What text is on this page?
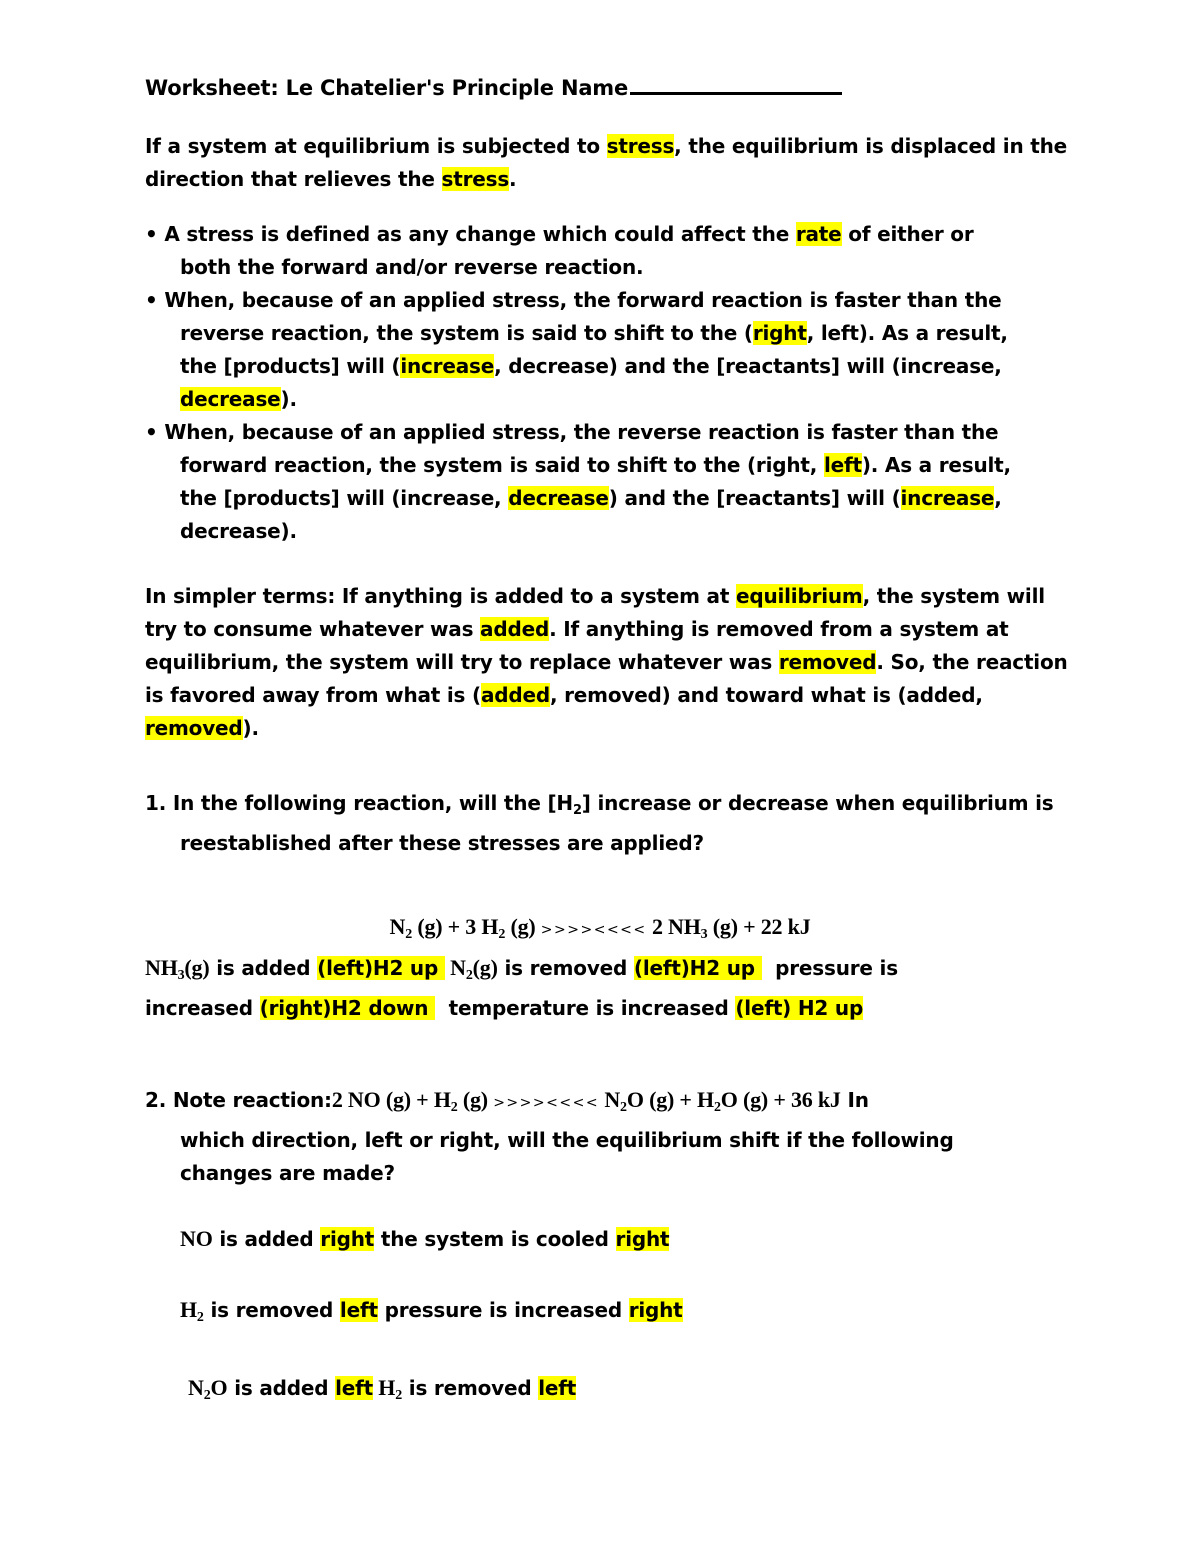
Worksheet: Le Chatelier's Principle Name
If a system at equilibrium is subjected to stress, the equilibrium is displaced in the
direction that relieves the stress.
• A stress is defined as any change which could affect the rate of either or
both the forward and/or reverse reaction.
• When, because of an applied stress, the forward reaction is faster than the
reverse reaction, the system is said to shift to the (right, left). As a result,
the [products] will (increase, decrease) and the [reactants] will (increase,
decrease).
• When, because of an applied stress, the reverse reaction is faster than the
forward reaction, the system is said to shift to the (right, left). As a result,
the [products] will (increase, decrease) and the [reactants] will (increase,
decrease).
In simpler terms: If anything is added to a system at equilibrium, the system will
try to consume whatever was added. If anything is removed from a system at
equilibrium, the system will try to replace whatever was removed. So, the reaction
is favored away from what is (added, removed) and toward what is (added,
removed).
1. In the following reaction, will the $[H_2]$ increase or decrease when equilibrium is
reestablished after these stresses are applied?
$N_2$ (g) + 3 $H_2$ (g) >>>><<<< 2 $NH_3$ (g) + 22 kJ
$NH_3(g)$ is added (left)H2 up  $N_2(g)$ is removed (left)H2 up   pressure is
increased (right)H2 down   temperature is increased (left) H2 up
2. Note reaction:2 NO $(g) + H_2$ (g) >>>><<<< $N_2O$ $(g) + H_2O$ (g) + 36 kJ In
which direction, left or right, will the equilibrium shift if the following
changes are made?
NO is added right the system is cooled right
$H_2$ is removed left pressure is increased right
$N_2O$ is added left $H_2$ is removed left
